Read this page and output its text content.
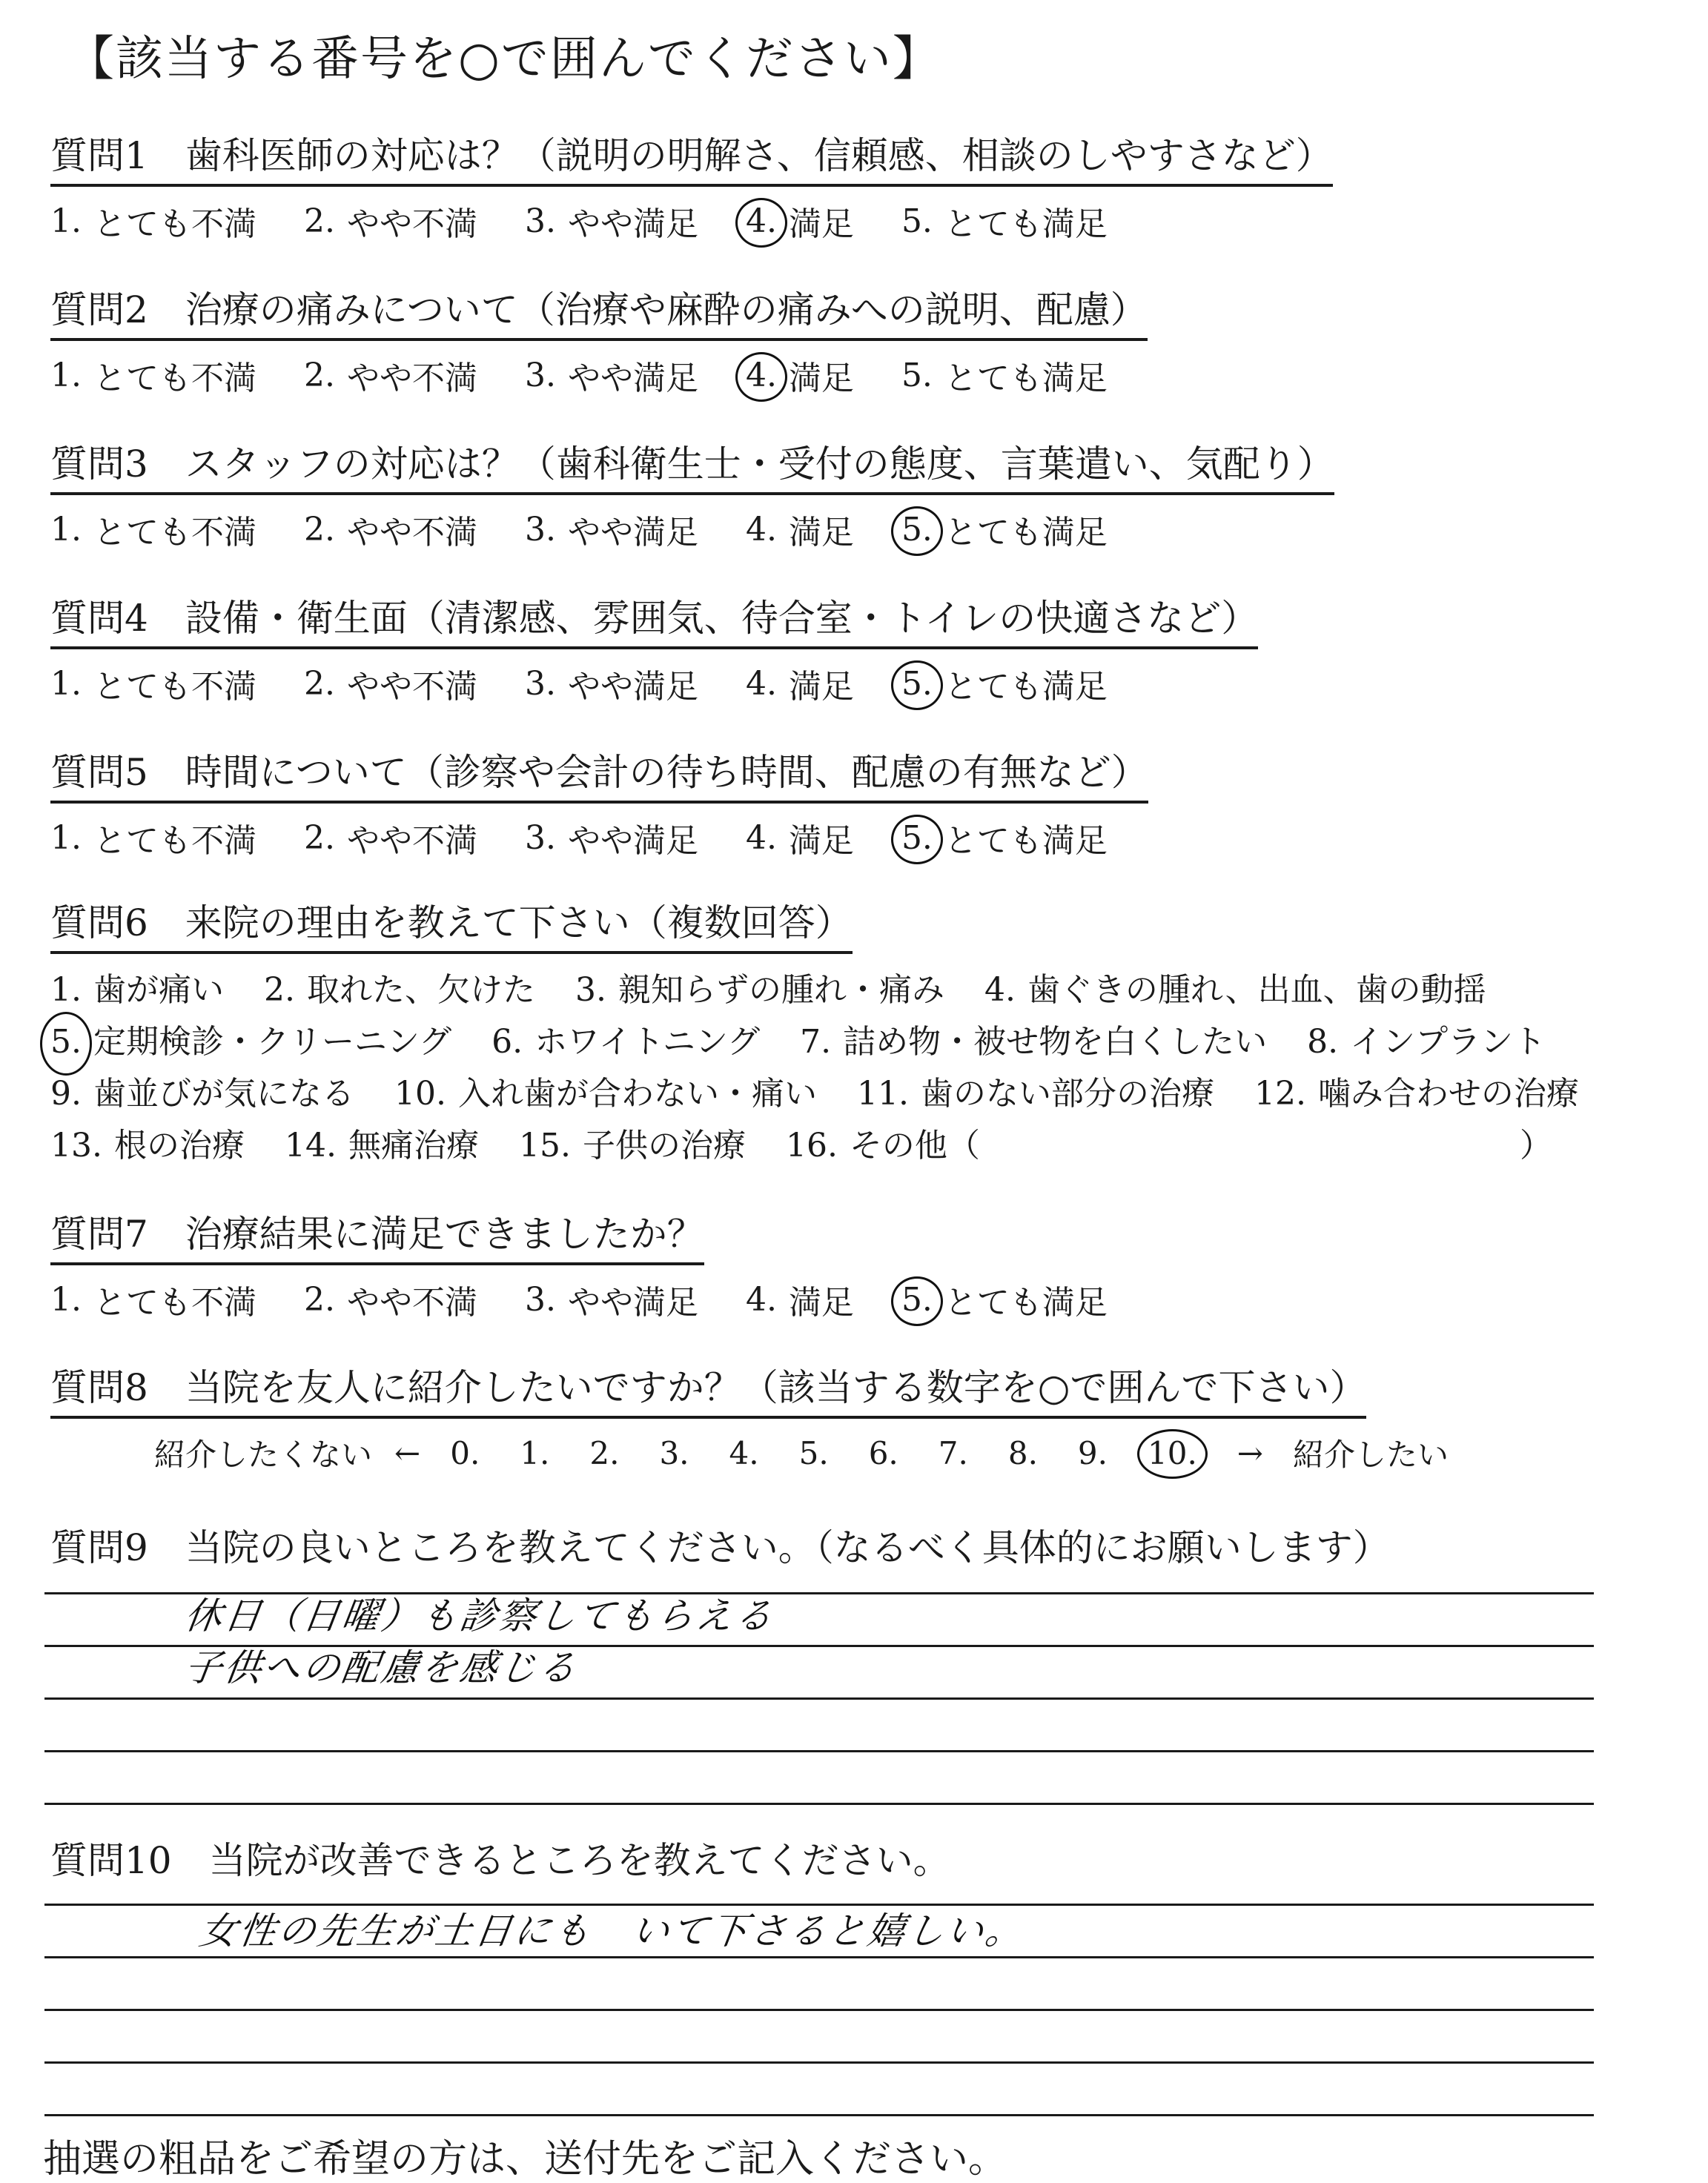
【該当する番号を○で囲んでください】
質問1　歯科医師の対応は？（説明の明解さ、信頼感、相談のしやすさなど）
1. とても不満 2. やや不満 3. やや満足 4. 満足 5. とても満足
質問2　治療の痛みについて（治療や麻酔の痛みへの説明、配慮）
1. とても不満 2. やや不満 3. やや満足 4. 満足 5. とても満足
質問3　スタッフの対応は？（歯科衛生士・受付の態度、言葉遣い、気配り）
1. とても不満 2. やや不満 3. やや満足 4. 満足 5. とても満足
質問4　設備・衛生面（清潔感、雰囲気、待合室・トイレの快適さなど）
1. とても不満 2. やや不満 3. やや満足 4. 満足 5. とても満足
質問5　時間について（診察や会計の待ち時間、配慮の有無など）
1. とても不満 2. やや不満 3. やや満足 4. 満足 5. とても満足
質問6　来院の理由を教えて下さい（複数回答）
1. 歯が痛い 2. 取れた、欠けた 3. 親知らずの腫れ・痛み 4. 歯ぐきの腫れ、出血、歯の動揺
5. 定期検診・クリーニング 6. ホワイトニング 7. 詰め物・被せ物を白くしたい 8. インプラント
9. 歯並びが気になる 10. 入れ歯が合わない・痛い 11. 歯のない部分の治療 12. 噛み合わせの治療
13. 根の治療 14. 無痛治療 15. 子供の治療 16. その他（	）
質問7　治療結果に満足できましたか？
1. とても不満 2. やや不満 3. やや満足 4. 満足 5. とても満足
質問8　当院を友人に紹介したいですか？（該当する数字を○で囲んで下さい）
紹介したくない ← 0. 1. 2. 3. 4. 5. 6. 7. 8. 9. 10. → 紹介したい
質問9　当院の良いところを教えてください。（なるべく具体的にお願いします）
休日（日曜）も診察してもらえる
子供への配慮を感じる
質問10　当院が改善できるところを教えてください。
女性の先生が土日にも　いて下さると嬉しい。
抽選の粗品をご希望の方は、送付先をご記入ください。
